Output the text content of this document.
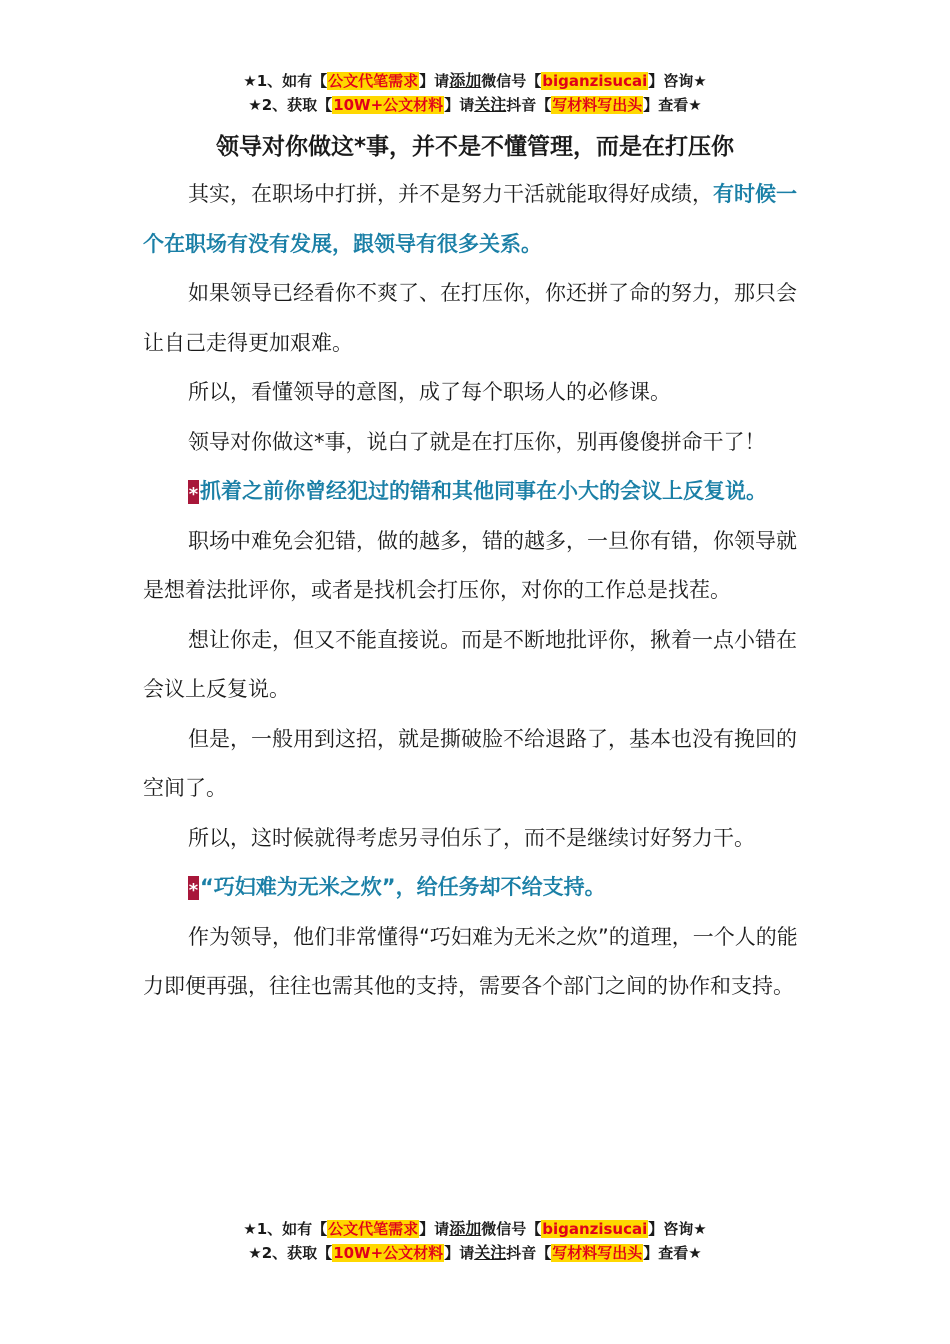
★1、如有【公文代笔需求】请添加微信号【biganzisucai】咨询★
★2、获取【10W+公文材料】请关注抖音【写材料写出头】查看★
领导对你做这*事，并不是不懂管理，而是在打压你

其实，在职场中打拼，并不是努力干活就能取得好成绩，有时候一个在职场有没有发展，跟领导有很多关系。

如果领导已经看你不爽了、在打压你，你还拼了命的努力，那只会让自己走得更加艰难。

所以，看懂领导的意图，成了每个职场人的必修课。

领导对你做这*事，说白了就是在打压你，别再傻傻拼命干了！

*抓着之前你曾经犯过的错和其他同事在小大的会议上反复说。

职场中难免会犯错，做的越多，错的越多，一旦你有错，你领导就是想着法批评你，或者是找机会打压你，对你的工作总是找茬。

想让你走，但又不能直接说。而是不断地批评你，揪着一点小错在会议上反复说。

但是，一般用到这招，就是撕破脸不给退路了，基本也没有挽回的空间了。

所以，这时候就得考虑另寻伯乐了，而不是继续讨好努力干。

*“巧妇难为无米之炊”，给任务却不给支持。

作为领导，他们非常懂得“巧妇难为无米之炊”的道理，一个人的能力即便再强，往往也需其他的支持，需要各个部门之间的协作和支持。

★1、如有【公文代笔需求】请添加微信号【biganzisucai】咨询★
★2、获取【10W+公文材料】请关注抖音【写材料写出头】查看★
